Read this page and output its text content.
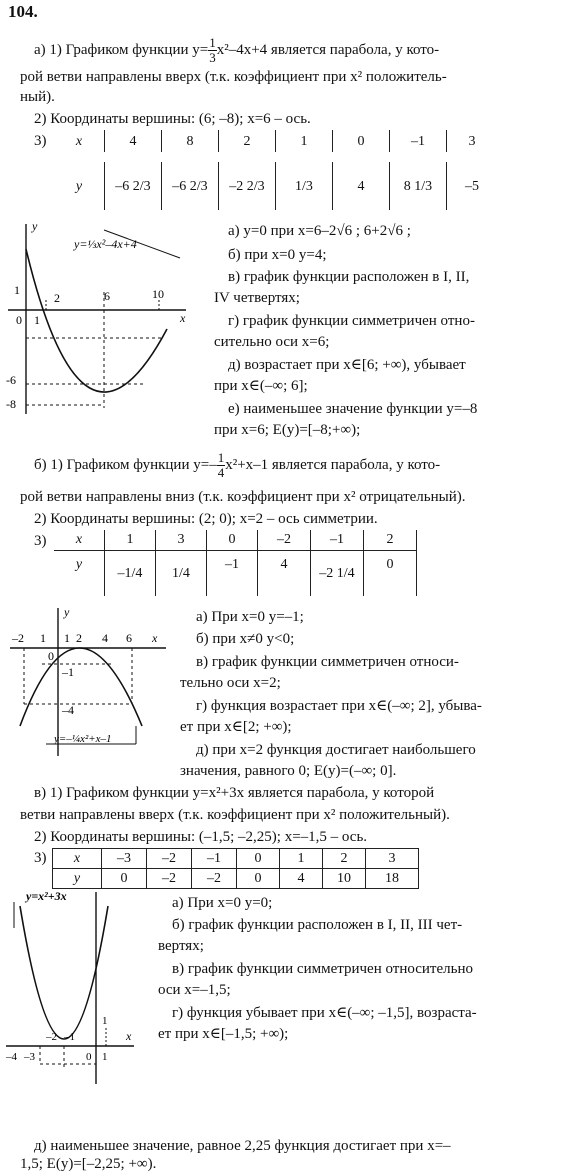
104.
а) 1) Графиком функции $y= \frac{1}{3} x^2-4x+4$ является парабола, у кото-
рой ветви направлены вверх (т.к. коэффициент при x² положитель-
ный).
2) Координаты вершины: (6; –8); x=6 – ось.
3) x	4	8	2	1	0	–1	3
y	–6 2/3	–6 2/3	–2 2/3	1/3	4	8 1/3	–5
y=⅓x²–4x+4
1
2	6	10
0 1
-6
-8
x
y	а) y=0 при x=6–2√6 ; 6+2√6 ;
б) при x=0 y=4;
в) график функции расположен в I, II,
IV четвертях;
г) график функции симметричен отно-
сительно оси x=6;
д) возрастает при x∈[6; +∞), убывает
при x∈(–∞; 6];
е) наименьшее значение функции y=–8
при x=6; E(y)=[–8;+∞);
б) 1) Графиком функции $y=- \frac{1}{4} x^2+x-1$ является парабола, у кото-
рой ветви направлены вниз (т.к. коэффициент при x² отрицательный).
2) Координаты вершины: (2; 0); x=2 – ось симметрии.
3) x	1	3	0	–2	–1	2
y	–1/4	1/4	–1	4	–2 1/4	0
y=–¼x²+x–1
–2 1
0
1 2 4 6 x
y
–1
–4
а) При x=0 y=–1;
б) при x≠0 y<0;
в) график функции симметричен относи-
тельно оси x=2;
г) функция возрастает при x∈(–∞; 2], убыва-
ет при x∈[2; +∞);
д) при x=2 функция достигает наибольшего
значения, равного 0; E(y)=(–∞; 0].
в) 1) Графиком функции y=x²+3x является парабола, у которой
ветви направлены вверх (т.к. коэффициент при x² положительный).
2) Координаты вершины: (–1,5; –2,25); x=–1,5 – ось.
3) x	–3	–2	–1	0	1	2	3
y	0	–2	–2	0	4	10	18
y=x²+3x
–2 –1
1
–4 –3	0 1
x
а) При x=0 y=0;
б) график функции расположен в I, II, III чет-
вертях;
в) график функции симметричен относительно
оси x=–1,5;
г) функция убывает при x∈(–∞; –1,5], возраста-
ет при x∈[–1,5; +∞);
д) наименьшее значение, равное 2,25 функция достигает при x=–
1,5; E(y)=[–2,25; +∞).
